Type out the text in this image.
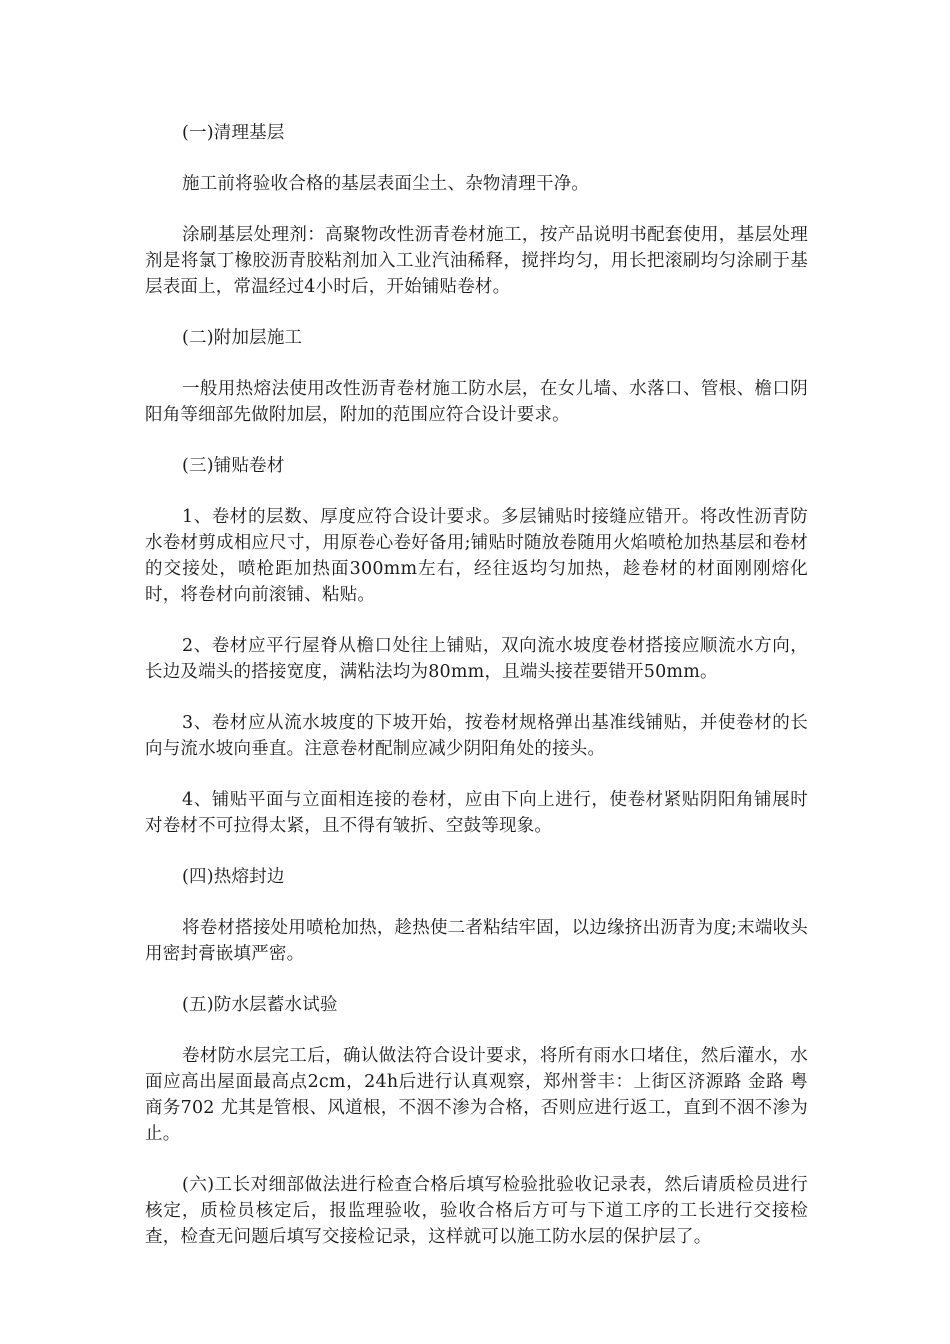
(一)清理基层

施工前将验收合格的基层表面尘土、杂物清理干净。

涂刷基层处理剂：高聚物改性沥青卷材施工，按产品说明书配套使用，基层处理剂是将氯丁橡胶沥青胶粘剂加入工业汽油稀释，搅拌均匀，用长把滚刷均匀涂刷于基层表面上，常温经过4小时后，开始铺贴卷材。

(二)附加层施工

一般用热熔法使用改性沥青卷材施工防水层，在女儿墙、水落口、管根、檐口阴阳角等细部先做附加层，附加的范围应符合设计要求。

(三)铺贴卷材

1、卷材的层数、厚度应符合设计要求。多层铺贴时接缝应错开。将改性沥青防水卷材剪成相应尺寸，用原卷心卷好备用;铺贴时随放卷随用火焰喷枪加热基层和卷材的交接处，喷枪距加热面300mm左右，经往返均匀加热，趁卷材的材面刚刚熔化时，将卷材向前滚铺、粘贴。

2、卷材应平行屋脊从檐口处往上铺贴，双向流水坡度卷材搭接应顺流水方向，长边及端头的搭接宽度，满粘法均为80mm，且端头接茬要错开50mm。

3、卷材应从流水坡度的下坡开始，按卷材规格弹出基准线铺贴，并使卷材的长向与流水坡向垂直。注意卷材配制应减少阴阳角处的接头。

4、铺贴平面与立面相连接的卷材，应由下向上进行，使卷材紧贴阴阳角铺展时对卷材不可拉得太紧，且不得有皱折、空鼓等现象。

(四)热熔封边

将卷材搭接处用喷枪加热，趁热使二者粘结牢固，以边缘挤出沥青为度;末端收头用密封膏嵌填严密。

(五)防水层蓄水试验

卷材防水层完工后，确认做法符合设计要求，将所有雨水口堵住，然后灌水，水面应高出屋面最高点2cm，24h后进行认真观察，郑州誉丰：上街区济源路 金路 粤商务702 尤其是管根、风道根，不洇不渗为合格，否则应进行返工，直到不洇不渗为止。

(六)工长对细部做法进行检查合格后填写检验批验收记录表，然后请质检员进行核定，质检员核定后，报监理验收，验收合格后方可与下道工序的工长进行交接检查，检查无问题后填写交接检记录，这样就可以施工防水层的保护层了。
